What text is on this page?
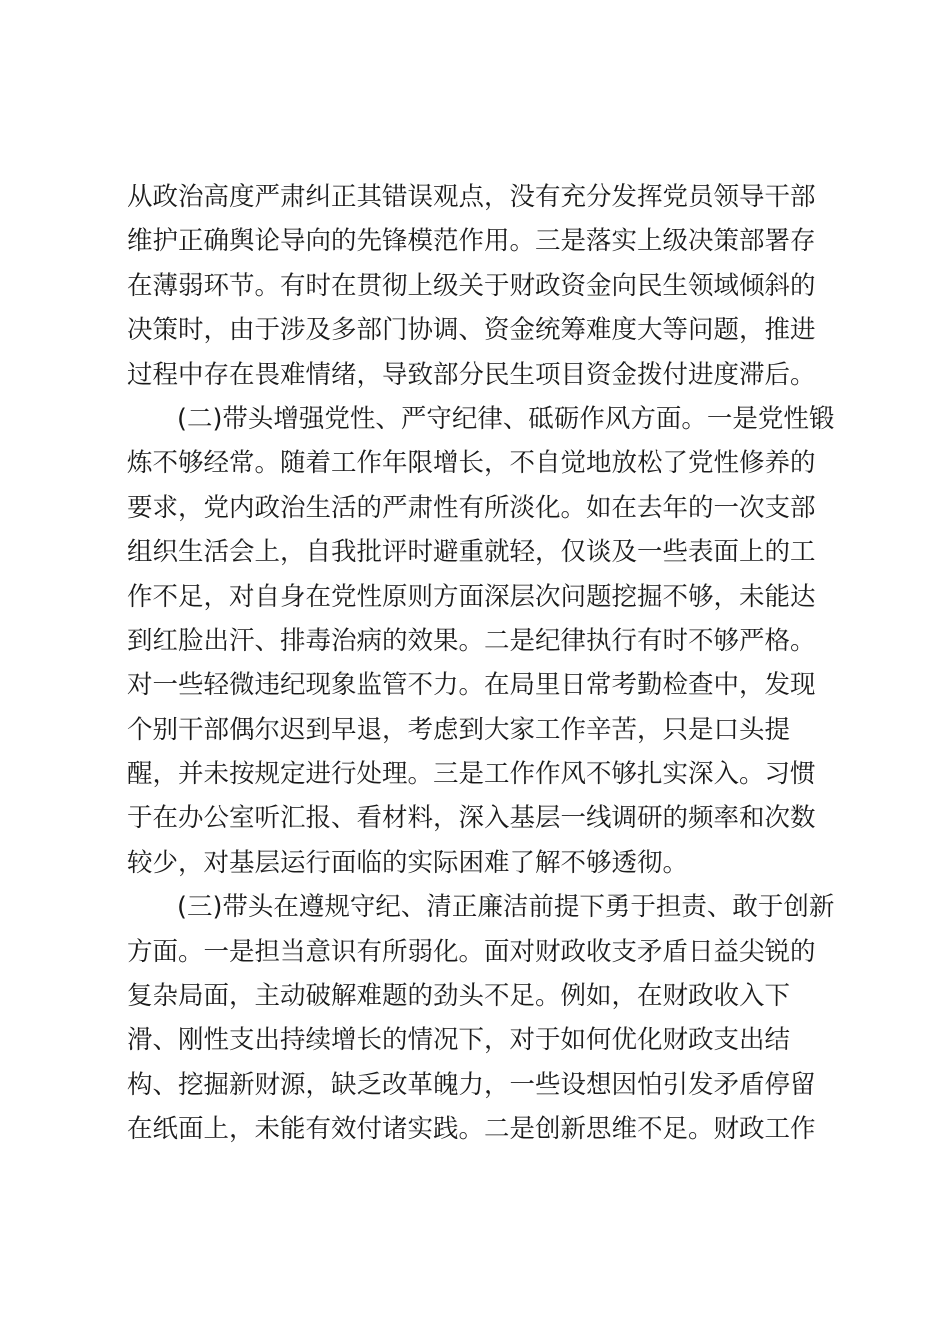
从政治高度严肃纠正其错误观点，没有充分发挥党员领导干部
维护正确舆论导向的先锋模范作用。三是落实上级决策部署存
在薄弱环节。有时在贯彻上级关于财政资金向民生领域倾斜的
决策时，由于涉及多部门协调、资金统筹难度大等问题，推进
过程中存在畏难情绪，导致部分民生项目资金拨付进度滞后。
(二)带头增强党性、严守纪律、砥砺作风方面。一是党性锻
炼不够经常。随着工作年限增长，不自觉地放松了党性修养的
要求，党内政治生活的严肃性有所淡化。如在去年的一次支部
组织生活会上，自我批评时避重就轻，仅谈及一些表面上的工
作不足，对自身在党性原则方面深层次问题挖掘不够，未能达
到红脸出汗、排毒治病的效果。二是纪律执行有时不够严格。
对一些轻微违纪现象监管不力。在局里日常考勤检查中，发现
个别干部偶尔迟到早退，考虑到大家工作辛苦，只是口头提
醒，并未按规定进行处理。三是工作作风不够扎实深入。习惯
于在办公室听汇报、看材料，深入基层一线调研的频率和次数
较少，对基层运行面临的实际困难了解不够透彻。
(三)带头在遵规守纪、清正廉洁前提下勇于担责、敢于创新
方面。一是担当意识有所弱化。面对财政收支矛盾日益尖锐的
复杂局面，主动破解难题的劲头不足。例如，在财政收入下
滑、刚性支出持续增长的情况下，对于如何优化财政支出结
构、挖掘新财源，缺乏改革魄力，一些设想因怕引发矛盾停留
在纸面上，未能有效付诸实践。二是创新思维不足。财政工作
